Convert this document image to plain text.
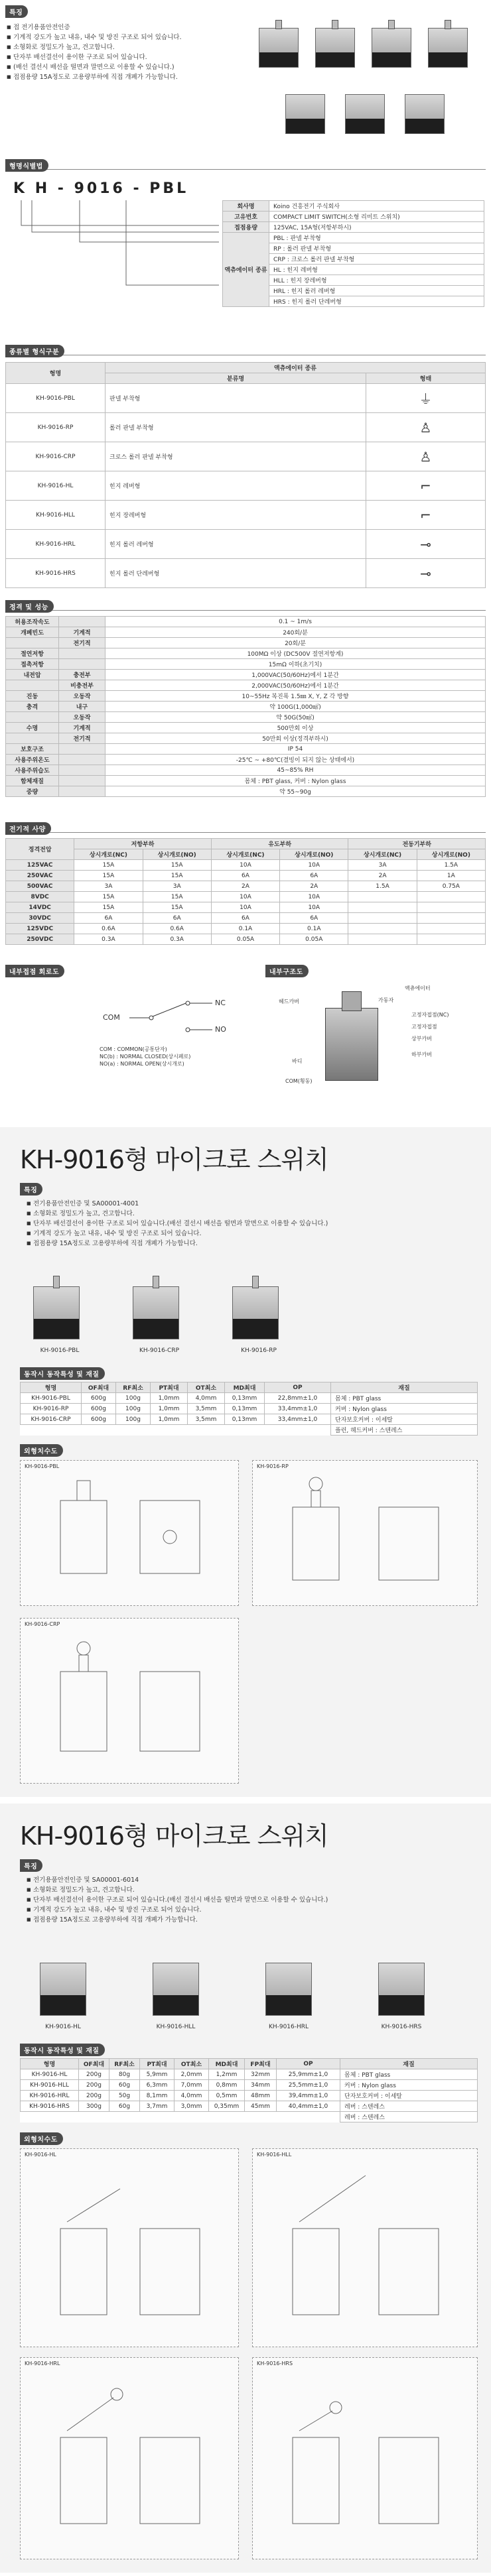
특징
■ 접 전기용품안전인증
■ 기계적 강도가 높고 내유, 내수 및 방진 구조로 되어 있습니다.
■ 소형화로 정밀도가 높고, 견고합니다.
■ 단자부 배선결선이 용이한 구조로 되어 있습니다.
■ (배선 결선시 배선을 떨면과 말면으로 이용할 수 있습니다.)
■ 접점용량 15A정도로 고용량부하에 직접 개폐가 가능합니다.
형명식별법
K H - 9016 - PBL
회사명	Koino 건흥전기 주식회사
고유번호	COMPACT LIMIT SWITCH(소형 리미트 스위치)
접점용량	125VAC, 15A형(저항부하시)
액츄에이터 종류	PBL : 판넬 부착형
	RP : 롤러 판넬 부착형
	CRP : 크로스 롤러 판넬 부착형
	HL : 힌지 레버형
	HLL : 힌지 장레버형
	HRL : 힌지 롤러 레버형
	HRS : 힌지 롤러 단레버형
종류별 형식구분
형명	액츄에이터 종류	
	분류명	형태
KH-9016-PBL	판넬 부착형	⏚
KH-9016-RP	롤러 판넬 부착형	♙
KH-9016-CRP	크로스 롤러 판넬 부착형	♙
KH-9016-HL	힌지 레버형	⌐
KH-9016-HLL	힌지 장레버형	⌐
KH-9016-HRL	힌지 롤러 레버형	⊸
KH-9016-HRS	힌지 롤러 단레버형	⊸
정격 및 성능
허용조작속도		0.1 ~ 1m/s
개폐빈도	기계적	240회/분
	전기적	20회/분
절연저항		100MΩ 이상 (DC500V 절연저항계)
접촉저항		15mΩ 이하(초기치)
내전압	충전부	1,000VAC(50/60Hz)에서 1분간
	비충전부	2,000VAC(50/60Hz)에서 1분간
진동	오동작	10~55Hz 복진폭 1.5㎜ X, Y, Z 각 방향
충격	내구	약 100G(1,000㎨)
	오동작	약 50G(50㎨)
수명	기계적	500만회 이상
	전기적	50만회 이상(정격부하시)
보호구조		IP 54
사용주위온도		-25℃ ~ +80℃(결빙이 되지 않는 상태에서)
사용주위습도		45~85% RH
함체재질		몸체 : PBT glass, 커버 : Nylon glass
중량		약 55~90g
전기적 사양
정격전압	저항부하		유도부하		전동기부하	
	상시개로(NC)	상시개로(NO)	상시개로(NC)	상시개로(NO)	상시개로(NC)	상시개로(NO)
125VAC	15A	15A	10A	10A	3A	1.5A
250VAC	15A	15A	6A	6A	2A	1A
500VAC	3A	3A	2A	2A	1.5A	0.75A
8VDC	15A	15A	10A	10A		
14VDC	15A	15A	10A	10A		
30VDC	6A	6A	6A	6A		
125VDC	0.6A	0.6A	0.1A	0.1A		
250VDC	0.3A	0.3A	0.05A	0.05A		
내부접점 회로도	내부구조도
COM
NC
NO
COM : COMMON(공통단자)
NC(b) : NORMAL CLOSED(상시폐로)
NO(a) : NORMAL OPEN(상시개로)
액츄에이터
헤드카버	가동자
고정자접점(NC)
고정자접점
상부카버
바디
COM(횡동)
하부카버
KH-9016형 마이크로 스위치
특징
■ 전기용품안전인증 및 SA00001-4001
■ 소형화로 정밀도가 높고, 견고합니다.
■ 단자부 배선결선이 용이한 구조로 되어 있습니다.(배선 결선시 배선을 떨면과 말면으로 이용할 수 있습니다.)
■ 기계적 강도가 높고 내유, 내수 및 방진 구조로 되어 있습니다.
■ 접점용량 15A정도로 고용량부하에 직접 개폐가 가능합니다.
KH-9016-PBL	KH-9016-CRP	KH-9016-RP
동작시 동작특성 및 재질
형명	OF최대	RF최소	PT최대	OT최소	MD최대	OP	재질
KH-9016-PBL	600g	100g	1,0mm	4,0mm	0,13mm	22,8mm±1,0	몸체 : PBT glass
KH-9016-RP	600g	100g	1,0mm	3,5mm	0,13mm	33,4mm±1,0	커버 : Nylon glass
KH-9016-CRP	600g	100g	1,0mm	3,5mm	0,13mm	33,4mm±1,0	단자보호커버 : 이세탈
							플런, 헤드커버 : 스텐레스
외형치수도
KH-9016-PBL	KH-9016-RP
KH-9016-CRP
KH-9016형 마이크로 스위치
특징
■ 전기용품안전인증 및 SA00001-6014
■ 소형화로 정밀도가 높고, 견고합니다.
■ 단자부 배선결선이 용이한 구조로 되어 있습니다.(배선 결선시 배선을 떨면과 말면으로 이용할 수 있습니다.)
■ 기계적 강도가 높고 내유, 내수 및 방진 구조로 되어 있습니다.
■ 접점용량 15A정도로 고용량부하에 직접 개폐가 가능합니다.
KH-9016-HL	KH-9016-HLL	KH-9016-HRL	KH-9016-HRS
동작시 동작특성 및 재질
형명	OF최대	RF최소	PT최대	OT최소	MD최대	FP최대	OP	재질
KH-9016-HL	200g	80g	5,9mm	2,0mm	1,2mm	32mm	25,9mm±1,0	몸체 : PBT glass
KH-9016-HLL	200g	60g	6,3mm	7,0mm	0,8mm	34mm	25,5mm±1,0	커버 : Nylon glass
KH-9016-HRL	200g	50g	8,1mm	4,0mm	0,5mm	48mm	39,4mm±1,0	단자보호커버 : 이세탈
KH-9016-HRS	300g	60g	3,7mm	3,0mm	0,35mm	45mm	40,4mm±1,0	레버 : 스텐레스
								레버 : 스텐레스
외형치수도
KH-9016-HL	KH-9016-HLL
KH-9016-HRL	KH-9016-HRS
